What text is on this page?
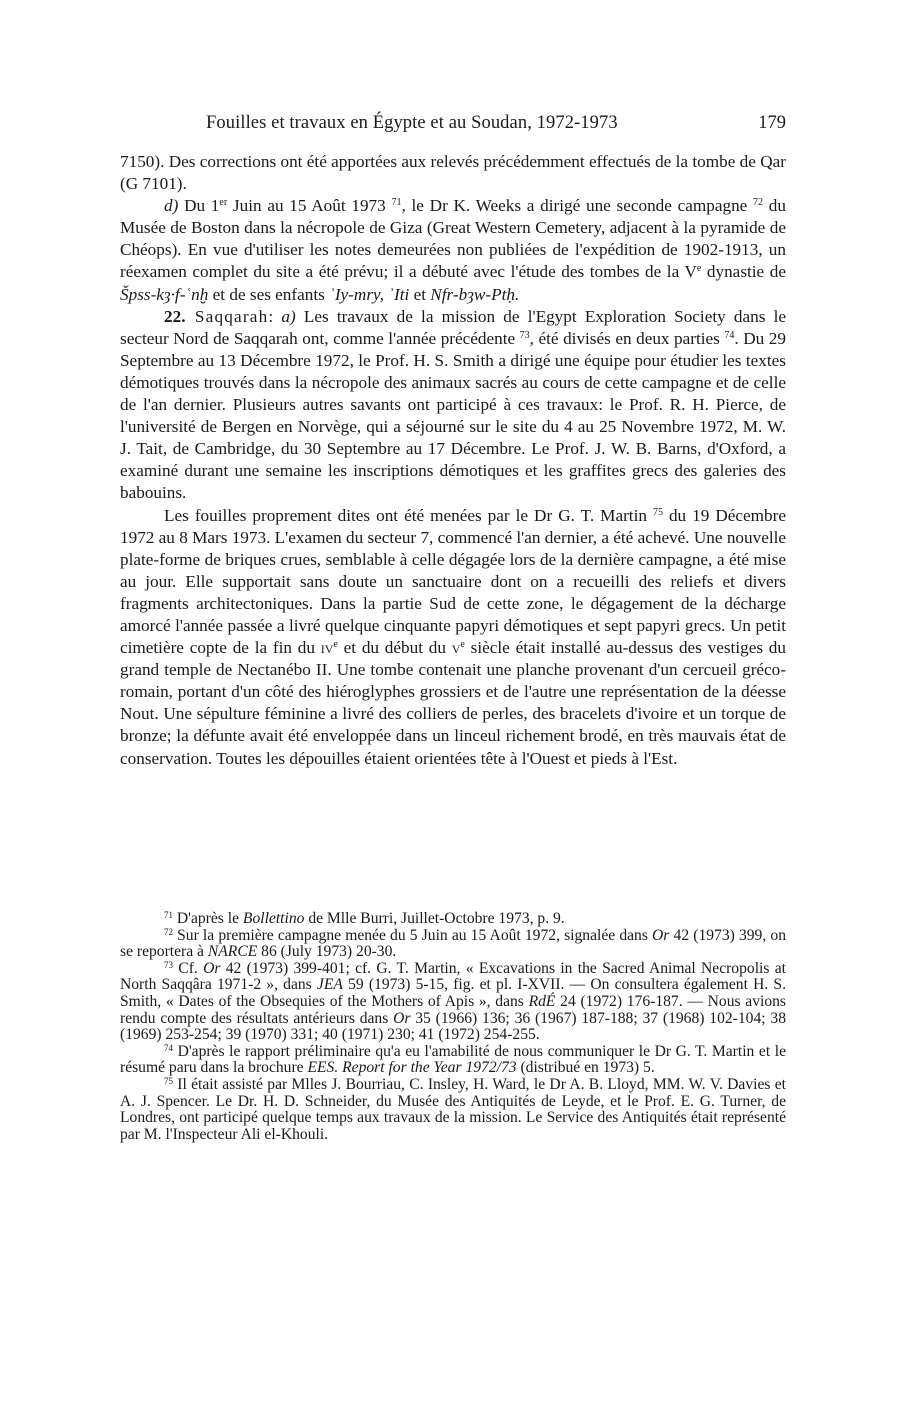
Fouilles et travaux en Égypte et au Soudan, 1972-1973	179

7150). Des corrections ont été apportées aux relevés précédemment effectués de la tombe de Qar (G 7101).

d) Du 1er Juin au 15 Août 1973 $^{71}$, le Dr K. Weeks a dirigé une seconde campagne $^{72}$ du Musée de Boston dans la nécropole de Giza (Great Western Cemetery, adjacent à la pyramide de Chéops). En vue d'utiliser les notes demeurées non publiées de l'expédition de 1902-1913, un réexamen complet du site a été prévu; il a débuté avec l'étude des tombes de la Ve dynastie de Špss-kȝ·f-ʿnḫ et de ses enfants ʾIy-mry, ʾIti et Nfr-bȝw-Ptḥ.

22. Saqqarah: a) Les travaux de la mission de l'Egypt Exploration Society dans le secteur Nord de Saqqarah ont, comme l'année précédente $^{73}$, été divisés en deux parties $^{74}$. Du 29 Septembre au 13 Décembre 1972, le Prof. H. S. Smith a dirigé une équipe pour étudier les textes démotiques trouvés dans la nécropole des animaux sacrés au cours de cette campagne et de celle de l'an dernier. Plusieurs autres savants ont participé à ces travaux: le Prof. R. H. Pierce, de l'université de Bergen en Norvège, qui a séjourné sur le site du 4 au 25 Novembre 1972, M. W. J. Tait, de Cambridge, du 30 Septembre au 17 Décembre. Le Prof. J. W. B. Barns, d'Oxford, a examiné durant une semaine les inscriptions démotiques et les graffites grecs des galeries des babouins.

Les fouilles proprement dites ont été menées par le Dr G. T. Martin $^{75}$ du 19 Décembre 1972 au 8 Mars 1973. L'examen du secteur 7, commencé l'an dernier, a été achevé. Une nouvelle plate-forme de briques crues, semblable à celle dégagée lors de la dernière campagne, a été mise au jour. Elle supportait sans doute un sanctuaire dont on a recueilli des reliefs et divers fragments architectoniques. Dans la partie Sud de cette zone, le dégagement de la décharge amorcé l'année passée a livré quelque cinquante papyri démotiques et sept papyri grecs. Un petit cimetière copte de la fin du $iv^e$ et du début du $v^e$ siècle était installé au-dessus des vestiges du grand temple de Nectanébo II. Une tombe contenait une planche provenant d'un cercueil gréco-romain, portant d'un côté des hiéroglyphes grossiers et de l'autre une représentation de la déesse Nout. Une sépulture féminine a livré des colliers de perles, des bracelets d'ivoire et un torque de bronze; la défunte avait été enveloppée dans un linceul richement brodé, en très mauvais état de conservation. Toutes les dépouilles étaient orientées tête à l'Ouest et pieds à l'Est.

$^{71}$ D'après le Bollettino de Mlle Burri, Juillet-Octobre 1973, p. 9.

$^{72}$ Sur la première campagne menée du 5 Juin au 15 Août 1972, signalée dans Or 42 (1973) 399, on se reportera à NARCE 86 (July 1973) 20-30.

$^{73}$ Cf. Or 42 (1973) 399-401; cf. G. T. Martin, « Excavations in the Sacred Animal Necropolis at North Saqqâra 1971-2 », dans JEA 59 (1973) 5-15, fig. et pl. I-XVII. — On consultera également H. S. Smith, « Dates of the Obsequies of the Mothers of Apis », dans RdÉ 24 (1972) 176-187. — Nous avions rendu compte des résultats antérieurs dans Or 35 (1966) 136; 36 (1967) 187-188; 37 (1968) 102-104; 38 (1969) 253-254; 39 (1970) 331; 40 (1971) 230; 41 (1972) 254-255.

$^{74}$ D'après le rapport préliminaire qu'a eu l'amabilité de nous communiquer le Dr G. T. Martin et le résumé paru dans la brochure EES. Report for the Year 1972/73 (distribué en 1973) 5.

$^{75}$ Il était assisté par Mlles J. Bourriau, C. Insley, H. Ward, le Dr A. B. Lloyd, MM. W. V. Davies et A. J. Spencer. Le Dr. H. D. Schneider, du Musée des Antiquités de Leyde, et le Prof. E. G. Turner, de Londres, ont participé quelque temps aux travaux de la mission. Le Service des Antiquités était représenté par M. l'Inspecteur Ali el-Khouli.
